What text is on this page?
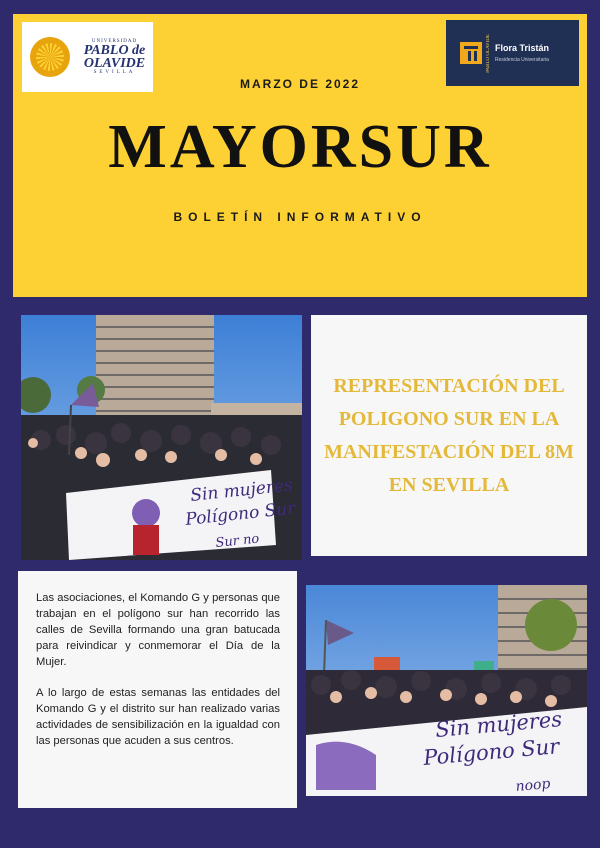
UNIVERSIDAD
PABLO de OLAVIDE
SEVILLA
PABLO OLAVIDE Flora Tristán
Residencia Universitaria
MARZO DE 2022
MAYORSUR
BOLETÍN INFORMATIVO
Sin mujeres
Polígono Sur
Sur no
REPRESENTACIÓN DEL POLIGONO SUR EN LA MANIFESTACIÓN DEL 8M EN SEVILLA

Las asociaciones, el Komando G y personas que trabajan en el polígono sur han recorrido las calles de Sevilla formando una gran batucada para reivindicar y conmemorar el Día de la Mujer.

A lo largo de estas semanas las entidades del Komando G y el distrito sur han realizado varias actividades de sensibilización en la igualdad con las personas que acuden a sus centros.	Sin mujeres
Polígono Sur
noop
